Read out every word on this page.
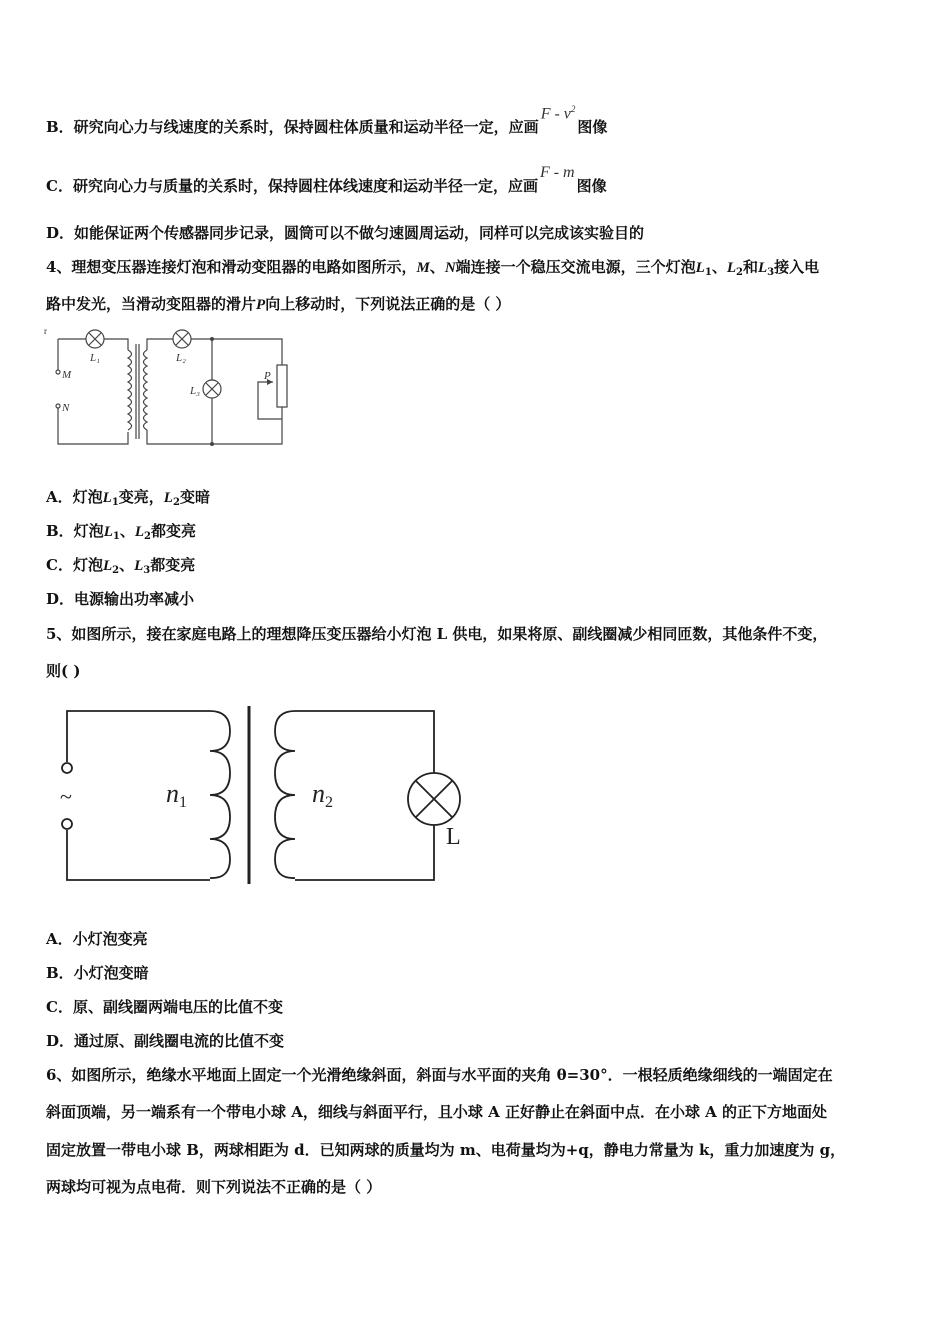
B．研究向心力与线速度的关系时，保持圆柱体质量和运动半径一定，应画F - $v^2$图像
C．研究向心力与质量的关系时，保持圆柱体线速度和运动半径一定，应画F - m图像
D．如能保证两个传感器同步记录，圆筒可以不做匀速圆周运动，同样可以完成该实验目的
4、理想变压器连接灯泡和滑动变阻器的电路如图所示，M、N端连接一个稳压交流电源，三个灯泡$L_1$、$L_2$和$L_3$接入电
路中发光，当滑动变阻器的滑片P向上移动时，下列说法正确的是（ ）
r
M
N
L₁	L₂
L₃
P
A．灯泡$L_1$变亮，$L_2$变暗
B．灯泡$L_1$、$L_2$都变亮
C．灯泡$L_2$、$L_3$都变亮
D．电源输出功率减小
5、如图所示，接在家庭电路上的理想降压变压器给小灯泡 L 供电，如果将原、副线圈减少相同匝数，其他条件不变，
则( )
~	n1	n2
L
A．小灯泡变亮
B．小灯泡变暗
C．原、副线圈两端电压的比值不变
D．通过原、副线圈电流的比值不变
6、如图所示，绝缘水平地面上固定一个光滑绝缘斜面，斜面与水平面的夹角 θ=30°．一根轻质绝缘细线的一端固定在
斜面顶端，另一端系有一个带电小球 A，细线与斜面平行，且小球 A 正好静止在斜面中点．在小球 A 的正下方地面处
固定放置一带电小球 B，两球相距为 d．已知两球的质量均为 m、电荷量均为+q，静电力常量为 k，重力加速度为 g，
两球均可视为点电荷．则下列说法不正确的是（ ）
